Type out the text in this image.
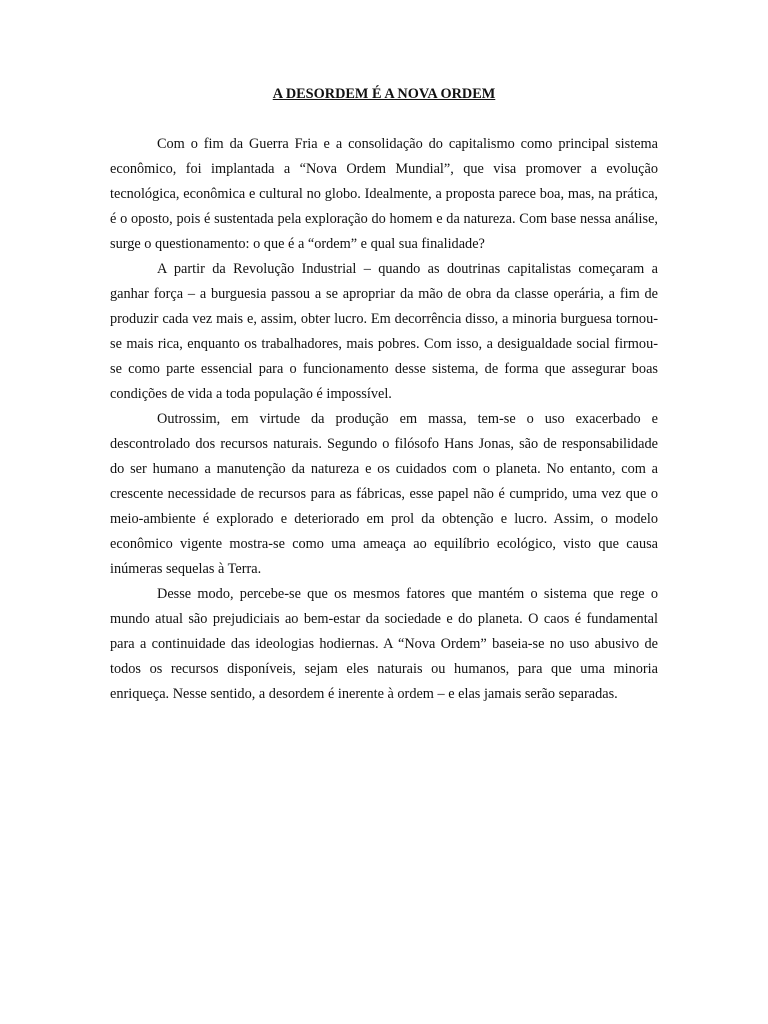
A DESORDEM É A NOVA ORDEM

Com o fim da Guerra Fria e a consolidação do capitalismo como principal sistema econômico, foi implantada a “Nova Ordem Mundial”, que visa promover a evolução tecnológica, econômica e cultural no globo. Idealmente, a proposta parece boa, mas, na prática, é o oposto, pois é sustentada pela exploração do homem e da natureza. Com base nessa análise, surge o questionamento: o que é a “ordem” e qual sua finalidade?

A partir da Revolução Industrial – quando as doutrinas capitalistas começaram a ganhar força – a burguesia passou a se apropriar da mão de obra da classe operária, a fim de produzir cada vez mais e, assim, obter lucro. Em decorrência disso, a minoria burguesa tornou-se mais rica, enquanto os trabalhadores, mais pobres. Com isso, a desigualdade social firmou-se como parte essencial para o funcionamento desse sistema, de forma que assegurar boas condições de vida a toda população é impossível.

Outrossim, em virtude da produção em massa, tem-se o uso exacerbado e descontrolado dos recursos naturais. Segundo o filósofo Hans Jonas, são de responsabilidade do ser humano a manutenção da natureza e os cuidados com o planeta. No entanto, com a crescente necessidade de recursos para as fábricas, esse papel não é cumprido, uma vez que o meio-ambiente é explorado e deteriorado em prol da obtenção e lucro. Assim, o modelo econômico vigente mostra-se como uma ameaça ao equilíbrio ecológico, visto que causa inúmeras sequelas à Terra.

Desse modo, percebe-se que os mesmos fatores que mantém o sistema que rege o mundo atual são prejudiciais ao bem-estar da sociedade e do planeta. O caos é fundamental para a continuidade das ideologias hodiernas. A “Nova Ordem” baseia-se no uso abusivo de todos os recursos disponíveis, sejam eles naturais ou humanos, para que uma minoria enriqueça. Nesse sentido, a desordem é inerente à ordem – e elas jamais serão separadas.
